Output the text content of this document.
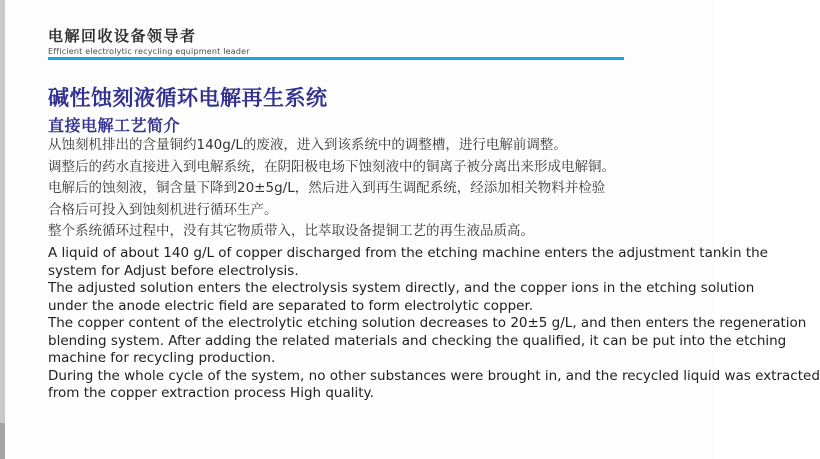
电解回收设备领导者
Efficient electrolytic recycling equipment leader
碱性蚀刻液循环电解再生系统
直接电解工艺简介
从蚀刻机排出的含量铜约140g/L的废液，进入到该系统中的调整槽，进行电解前调整。
调整后的药水直接进入到电解系统，在阴阳极电场下蚀刻液中的铜离子被分离出来形成电解铜。
电解后的蚀刻液，铜含量下降到20±5g/L，然后进入到再生调配系统，经添加相关物料并检验
合格后可投入到蚀刻机进行循环生产。
整个系统循环过程中，没有其它物质带入，比萃取设备提铜工艺的再生液品质高。
A liquid of about 140 g/L of copper discharged from the etching machine enters the adjustment tankin the
system for Adjust before electrolysis.
The adjusted solution enters the electrolysis system directly, and the copper ions in the etching solution
under the anode electric field are separated to form electrolytic copper.
The copper content of the electrolytic etching solution decreases to 20±5 g/L, and then enters the regeneration
blending system. After adding the related materials and checking the qualified, it can be put into the etching
machine for recycling production.
During the whole cycle of the system, no other substances were brought in, and the recycled liquid was extracted
from the copper extraction process High quality.
